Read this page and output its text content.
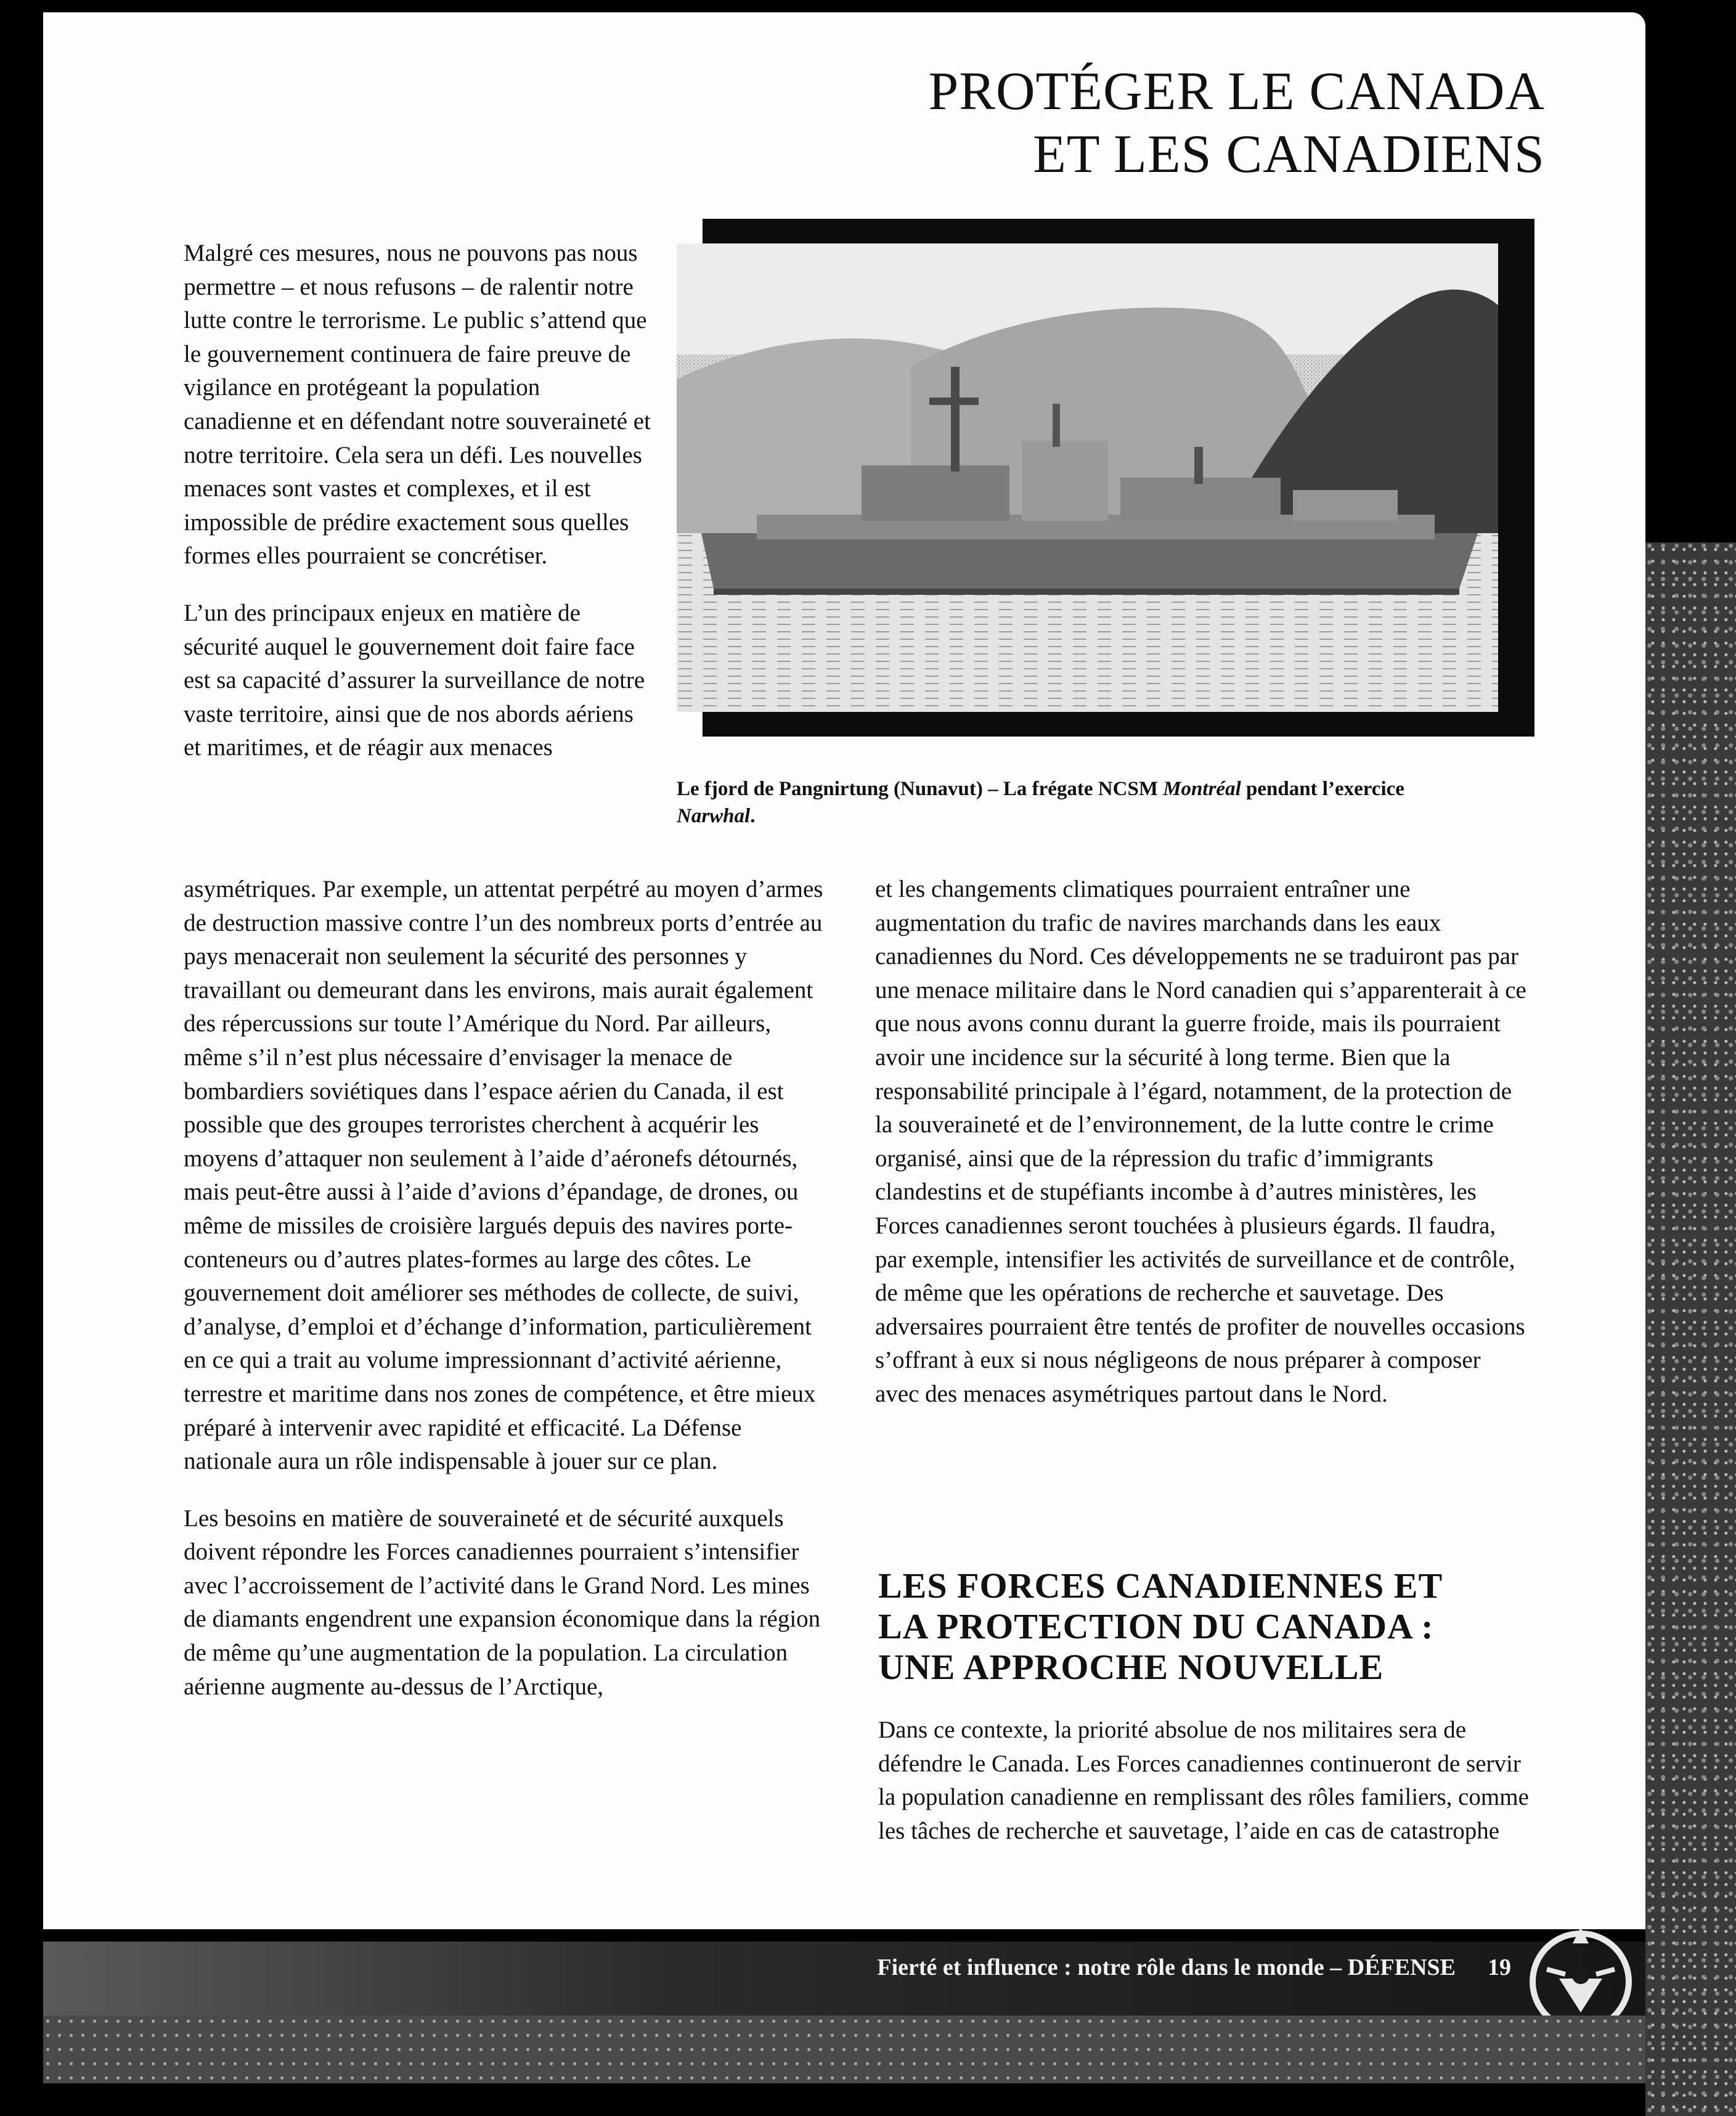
PROTÉGER LE CANADA
ET LES CANADIENS

Malgré ces mesures, nous ne pouvons pas nous permettre – et nous refusons – de ralentir notre lutte contre le terrorisme. Le public s’attend que le gouvernement continuera de faire preuve de vigilance en protégeant la population canadienne et en défendant notre souveraineté et notre territoire. Cela sera un défi. Les nouvelles menaces sont vastes et complexes, et il est impossible de prédire exactement sous quelles formes elles pourraient se concrétiser.

L’un des principaux enjeux en matière de sécurité auquel le gouvernement doit faire face est sa capacité d’assurer la surveillance de notre vaste territoire, ainsi que de nos abords aériens et maritimes, et de réagir aux menaces

Le fjord de Pangnirtung (Nunavut) – La frégate NCSM Montréal pendant l’exercice Narwhal.

asymétriques. Par exemple, un attentat perpétré au moyen d’armes de destruction massive contre l’un des nombreux ports d’entrée au pays menacerait non seulement la sécurité des personnes y travaillant ou demeurant dans les environs, mais aurait également des répercussions sur toute l’Amérique du Nord. Par ailleurs, même s’il n’est plus nécessaire d’envisager la menace de bombardiers soviétiques dans l’espace aérien du Canada, il est possible que des groupes terroristes cherchent à acquérir les moyens d’attaquer non seulement à l’aide d’aéronefs détournés, mais peut-être aussi à l’aide d’avions d’épandage, de drones, ou même de missiles de croisière largués depuis des navires porte-conteneurs ou d’autres plates-formes au large des côtes. Le gouvernement doit améliorer ses méthodes de collecte, de suivi, d’analyse, d’emploi et d’échange d’information, particulièrement en ce qui a trait au volume impressionnant d’activité aérienne, terrestre et maritime dans nos zones de compétence, et être mieux préparé à intervenir avec rapidité et efficacité. La Défense nationale aura un rôle indispensable à jouer sur ce plan.

Les besoins en matière de souveraineté et de sécurité auxquels doivent répondre les Forces canadiennes pourraient s’intensifier avec l’accroissement de l’activité dans le Grand Nord. Les mines de diamants engendrent une expansion économique dans la région de même qu’une augmentation de la population. La circulation aérienne augmente au-dessus de l’Arctique,

et les changements climatiques pourraient entraîner une augmentation du trafic de navires marchands dans les eaux canadiennes du Nord. Ces développements ne se traduiront pas par une menace militaire dans le Nord canadien qui s’apparenterait à ce que nous avons connu durant la guerre froide, mais ils pourraient avoir une incidence sur la sécurité à long terme. Bien que la responsabilité principale à l’égard, notamment, de la protection de la souveraineté et de l’environnement, de la lutte contre le crime organisé, ainsi que de la répression du trafic d’immigrants clandestins et de stupéfiants incombe à d’autres ministères, les Forces canadiennes seront touchées à plusieurs égards. Il faudra, par exemple, intensifier les activités de surveillance et de contrôle, de même que les opérations de recherche et sauvetage. Des adversaires pourraient être tentés de profiter de nouvelles occasions s’offrant à eux si nous négligeons de nous préparer à composer avec des menaces asymétriques partout dans le Nord.

LES FORCES CANADIENNES ET
LA PROTECTION DU CANADA :
UNE APPROCHE NOUVELLE

Dans ce contexte, la priorité absolue de nos militaires sera de défendre le Canada. Les Forces canadiennes continueront de servir la population canadienne en remplissant des rôles familiers, comme les tâches de recherche et sauvetage, l’aide en cas de catastrophe

Fierté et influence : notre rôle dans le monde – DÉFENSE 19
